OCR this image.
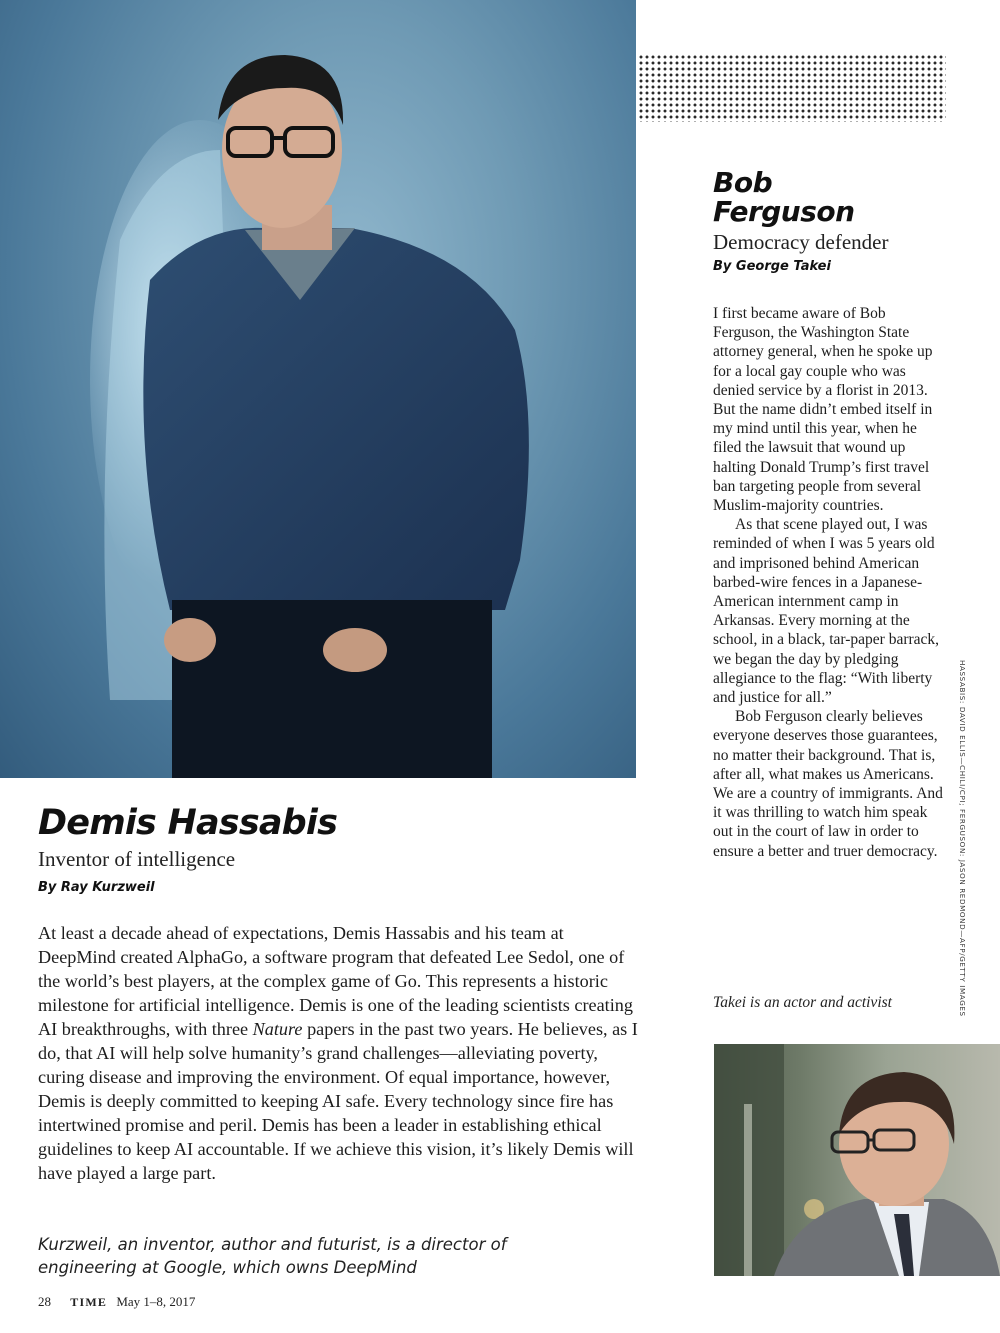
Bob
Ferguson
Democracy defender
By George Takei

I first became aware of Bob Ferguson, the Washington State attorney general, when he spoke up for a local gay couple who was denied service by a florist in 2013. But the name didn’t embed itself in my mind until this year, when he filed the lawsuit that wound up halting Donald Trump’s first travel ban targeting people from several Muslim-majority countries.

As that scene played out, I was reminded of when I was 5 years old and imprisoned behind American barbed-wire fences in a Japanese-American internment camp in Arkansas. Every morning at the school, in a black, tar-paper barrack, we began the day by pledging allegiance to the flag: “With liberty and justice for all.”

Bob Ferguson clearly believes everyone deserves those guarantees, no matter their background. That is, after all, what makes us Americans. We are a country of immigrants. And it was thrilling to watch him speak out in the court of law in order to ensure a better and truer democracy.

Takei is an actor and activist	HASSABIS: DAVID ELLIS—CHILI/CPI; FERGUSON: JASON REDMOND—AFP/GETTY IMAGES
Demis Hassabis
Inventor of intelligence
By Ray Kurzweil

At least a decade ahead of expectations, Demis Hassabis and his team at DeepMind created AlphaGo, a software program that defeated Lee Sedol, one of the world’s best players, at the complex game of Go. This represents a historic milestone for artificial intelligence. Demis is one of the leading scientists creating AI breakthroughs, with three Nature papers in the past two years. He believes, as I do, that AI will help solve humanity’s grand challenges—alleviating poverty, curing disease and improving the environment. Of equal importance, however, Demis is deeply committed to keeping AI safe. Every technology since fire has intertwined promise and peril. Demis has been a leader in establishing ethical guidelines to keep AI accountable. If we achieve this vision, it’s likely Demis will have played a large part.

Kurzweil, an inventor, author and futurist, is a director of engineering at Google, which owns DeepMind
28 TIME May 1–8, 2017
